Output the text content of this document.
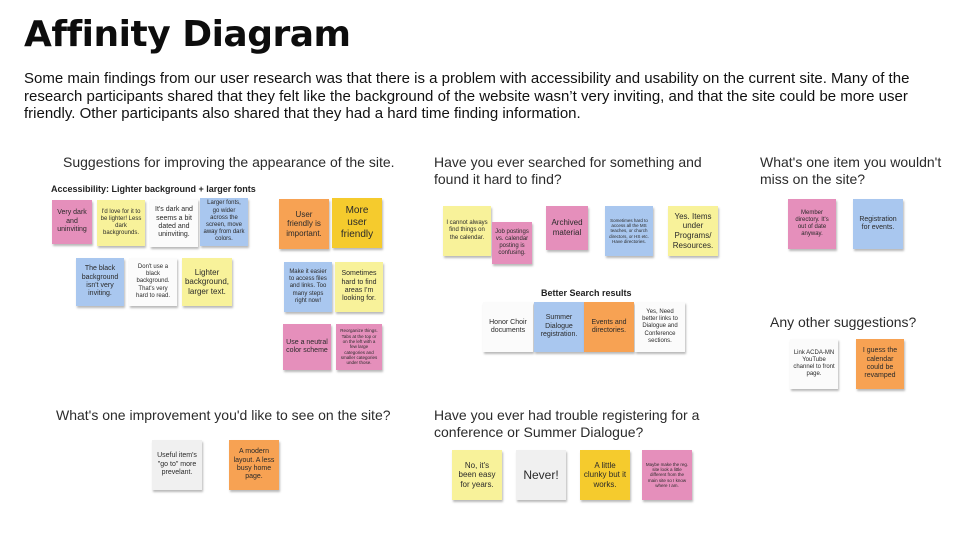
Affinity Diagram
Some main findings from our user research was that there is a problem with accessibility and usability on the current site. Many of the research participants shared that they felt like the background of the website wasn’t very inviting, and that the site could be more user friendly. Other participants also shared that they had a hard time finding information.
Suggestions for improving the appearance of the site.
Accessibility: Lighter background + larger fonts
Very dark and uninviting
I'd love for it to be lighter! Less dark backgrounds.
It's dark and seems a bit dated and uninviting.
Larger fonts, go wider across the screen, move away from dark colors.
The black background isn't very inviting.
Don't use a black background. That's very hard to read.
Lighter background, larger text.
User friendly is important.
More user friendly
Make it easier to access files and links. Too many steps right now!
Sometimes hard to find areas I'm looking for.
Use a neutral color scheme
Reorganize things. Tabs at the top or on the left with a few large categories and smaller categories under those.
Have you ever searched for something and found it hard to find?
I cannot always find things on the calendar.
Job postings vs. calendar posting is confusing.
Archived material
Sometimes hard to access all the MS teaches, or church directors, or HS etc. Have directories.
Yes. Items under Programs/ Resources.
Better Search results
Honor Choir documents
Summer Dialogue registration.
Events and directories.
Yes, Need better links to Dialogue and Conference sections.
What's one item you wouldn't miss on the site?
Member directory. It's out of date anyway.
Registration for events.
Any other suggestions?
Link ACDA-MN YouTube channel to front page.
I guess the calendar could be revamped
What's one improvement you'd like to see on the site?
Useful item's "go to" more prevelant.
A modern layout. A less busy home page.
Have you ever had trouble registering for a conference or Summer Dialogue?
No, it's been easy for years.
Never!
A little clunky but it works.
Maybe make the reg. site look a little different from the main site so I know where I am.
